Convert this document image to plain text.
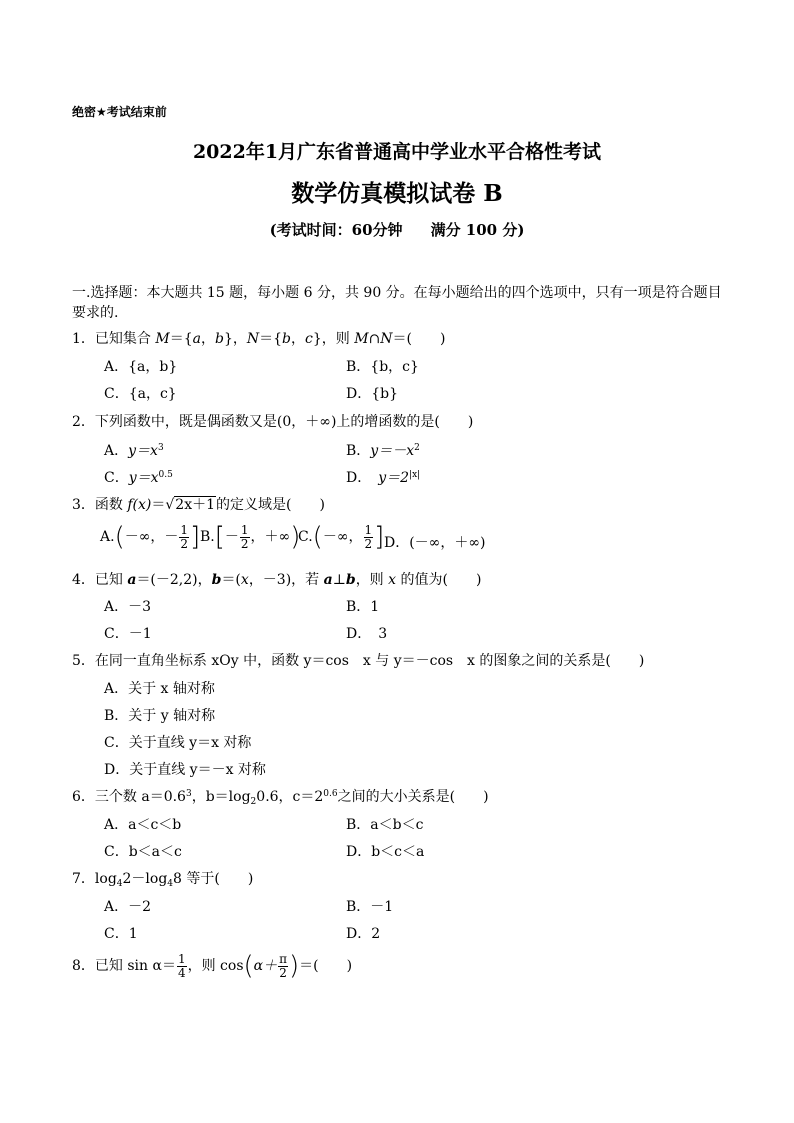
绝密★考试结束前
2022年1月广东省普通高中学业水平合格性考试
数学仿真模拟试卷 B
(考试时间：60分钟 满分 100 分)
一.选择题：本大题共 15 题，每小题 6 分，共 90 分。在每小题给出的四个选项中，只有一项是符合题目要求的.
1．已知集合 M＝{a，b}，N＝{b，c}，则 M∩N＝(　　)
A．{a，b}	B．{b，c}
C．{a，c}	D．{b}
2．下列函数中，既是偶函数又是(0，＋∞)上的增函数的是(　　)
A．$y=x^3$	B．$y=-x^2$
C．$y=x^{0.5}$	D．　$y=2^{|x|}$
3．函数 f(x)＝√2x＋1的定义域是(　　)
A.(－∞，－ $\frac{1}{2}$ ] $B.[- \frac{1}{2}$ ，＋∞)
C.(－∞， $\frac{1}{2}$ ] D．(－∞，＋∞)
4．已知 a＝(－2,2)，b＝(x，－3)，若 a⊥b，则 x 的值为(　　)
A．－3	B．1
C．－1	D．　3
5．在同一直角坐标系 xOy 中，函数 y＝cos　x 与 y＝－cos　x 的图象之间的关系是(　　)
A．关于 x 轴对称
B．关于 y 轴对称
C．关于直线 y＝x 对称
D．关于直线 y＝－x 对称
6．三个数 $a=0.6^3$，$b=\log_20.6$，$c=2^{0.6}$之间的大小关系是(　　)
A．a＜c＜b	B．a＜b＜c
C．b＜a＜c	D．b＜c＜a
7．$\log_42-\log_48$ 等于(　　)
A．－2	B．－1
C．1	D．2
8．已知 $\sin \alpha= \frac{1}{4}$ ，则 $\cos(\alpha+ \frac{\pi}{2}$ )＝(　　)
